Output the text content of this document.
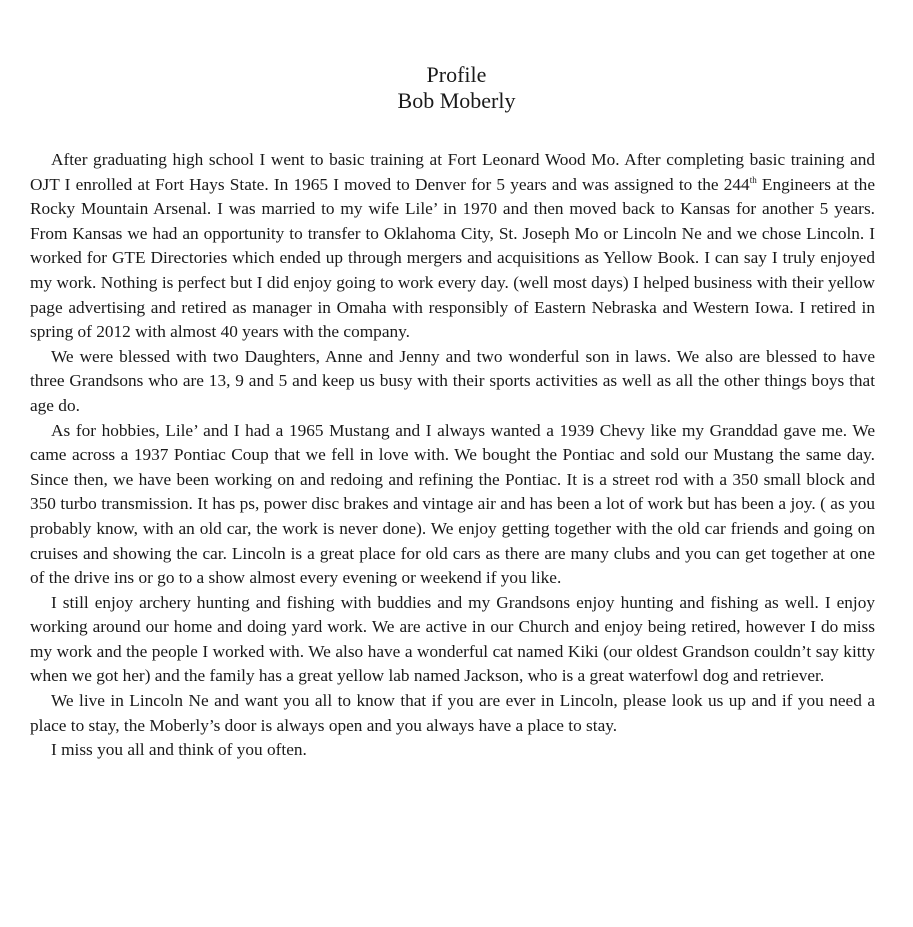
Profile
Bob Moberly

After graduating high school I went to basic training at Fort Leonard Wood Mo. After completing basic training and OJT I enrolled at Fort Hays State. In 1965 I moved to Denver for 5 years and was assigned to the 244th Engineers at the Rocky Mountain Arsenal. I was married to my wife Lile’ in 1970 and then moved back to Kansas for another 5 years. From Kansas we had an opportunity to transfer to Oklahoma City, St. Joseph Mo or Lincoln Ne and we chose Lincoln. I worked for GTE Directories which ended up through mergers and acquisitions as Yellow Book. I can say I truly enjoyed my work. Nothing is perfect but I did enjoy going to work every day. (well most days) I helped business with their yellow page advertising and retired as manager in Omaha with responsibly of Eastern Nebraska and Western Iowa. I retired in spring of 2012 with almost 40 years with the company.

We were blessed with two Daughters, Anne and Jenny and two wonderful son in laws. We also are blessed to have three Grandsons who are 13, 9 and 5 and keep us busy with their sports activities as well as all the other things boys that age do.

As for hobbies, Lile’ and I had a 1965 Mustang and I always wanted a 1939 Chevy like my Granddad gave me. We came across a 1937 Pontiac Coup that we fell in love with. We bought the Pontiac and sold our Mustang the same day. Since then, we have been working on and redoing and refining the Pontiac. It is a street rod with a 350 small block and 350 turbo transmission. It has ps, power disc brakes and vintage air and has been a lot of work but has been a joy. ( as you probably know, with an old car, the work is never done). We enjoy getting together with the old car friends and going on cruises and showing the car. Lincoln is a great place for old cars as there are many clubs and you can get together at one of the drive ins or go to a show almost every evening or weekend if you like.

I still enjoy archery hunting and fishing with buddies and my Grandsons enjoy hunting and fishing as well. I enjoy working around our home and doing yard work. We are active in our Church and enjoy being retired, however I do miss my work and the people I worked with. We also have a wonderful cat named Kiki (our oldest Grandson couldn’t say kitty when we got her) and the family has a great yellow lab named Jackson, who is a great waterfowl dog and retriever.

We live in Lincoln Ne and want you all to know that if you are ever in Lincoln, please look us up and if you need a place to stay, the Moberly’s door is always open and you always have a place to stay.

I miss you all and think of you often.
